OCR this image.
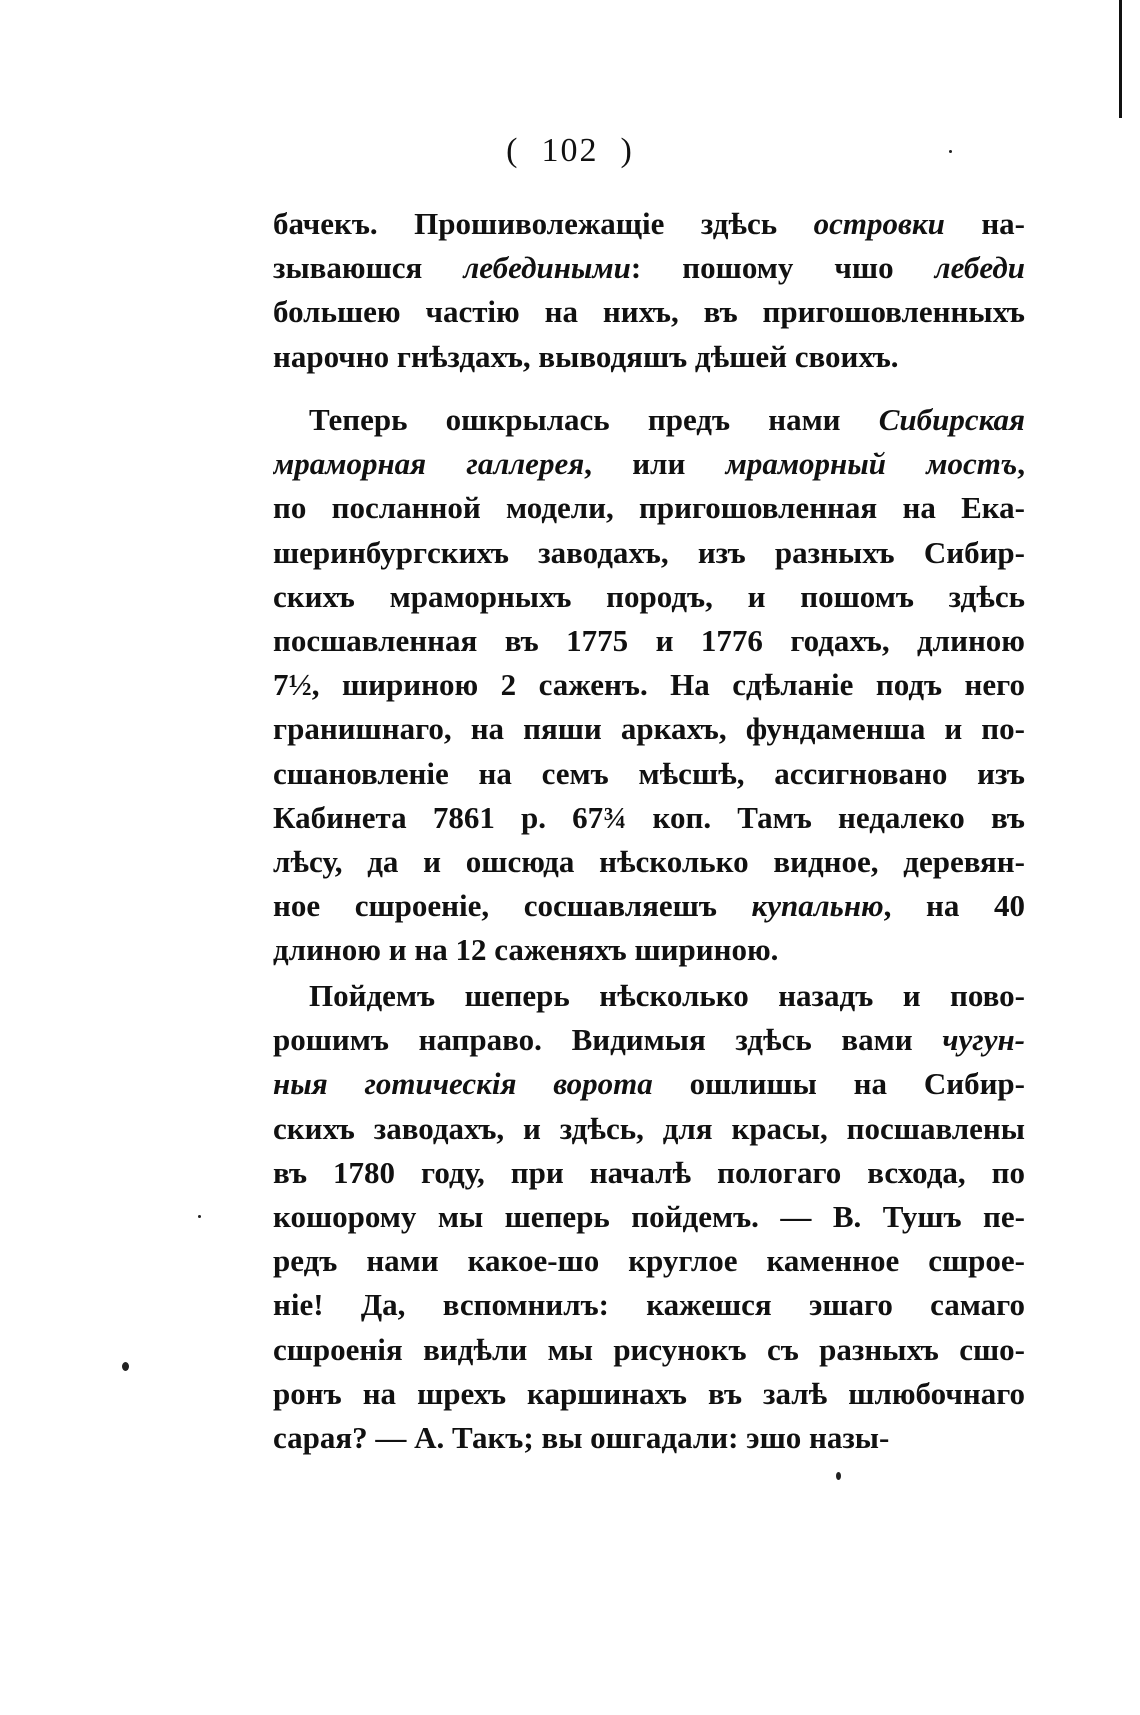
( 102 )
бачекъ. Прошиволежащіе здѣсь островки на-
зываюшся лебедиными: пошому чшо лебеди
большею частію на нихъ, въ пригошовленныхъ
нарочно гнѣздахъ, выводяшъ дѣшей своихъ.
Теперь ошкрылась предъ нами Сибирская
мраморная галлерея, или мраморный мостъ,
по посланной модели, пригошовленная на Ека-
шеринбургскихъ заводахъ, изъ разныхъ Сибир-
скихъ мраморныхъ породъ, и пошомъ здѣсь
посшавленная въ 1775 и 1776 годахъ, длиною
7½, шириною 2 саженъ. На сдѣланіе подъ него
гранишнаго, на пяши аркахъ, фундаменша и по-
сшановленіе на семъ мѣсшѣ, ассигновано изъ
Кабинета 7861 р. 67¾ коп. Тамъ недалеко въ
лѣсу, да и ошсюда нѣсколько видное, деревян-
ное сшроеніе, сосшавляешъ купальню, на 40
длиною и на 12 саженяхъ шириною.
Пойдемъ шеперь нѣсколько назадъ и пово-
рошимъ направо. Видимыя здѣсь вами чугун-
ныя готическія ворота ошлишы на Сибир-
скихъ заводахъ, и здѣсь, для красы, посшавлены
въ 1780 году, при началѣ пологаго всхода, по
кошорому мы шеперь пойдемъ. — В. Тушъ пе-
редъ нами какое-шо круглое каменное сшрое-
ніе! Да, вспомнилъ: кажешся эшаго самаго
сшроенія видѣли мы рисунокъ съ разныхъ сшо-
ронъ на шрехъ каршинахъ въ залѣ шлюбочнаго
сарая? — А. Такъ; вы ошгадали: эшо назы-
